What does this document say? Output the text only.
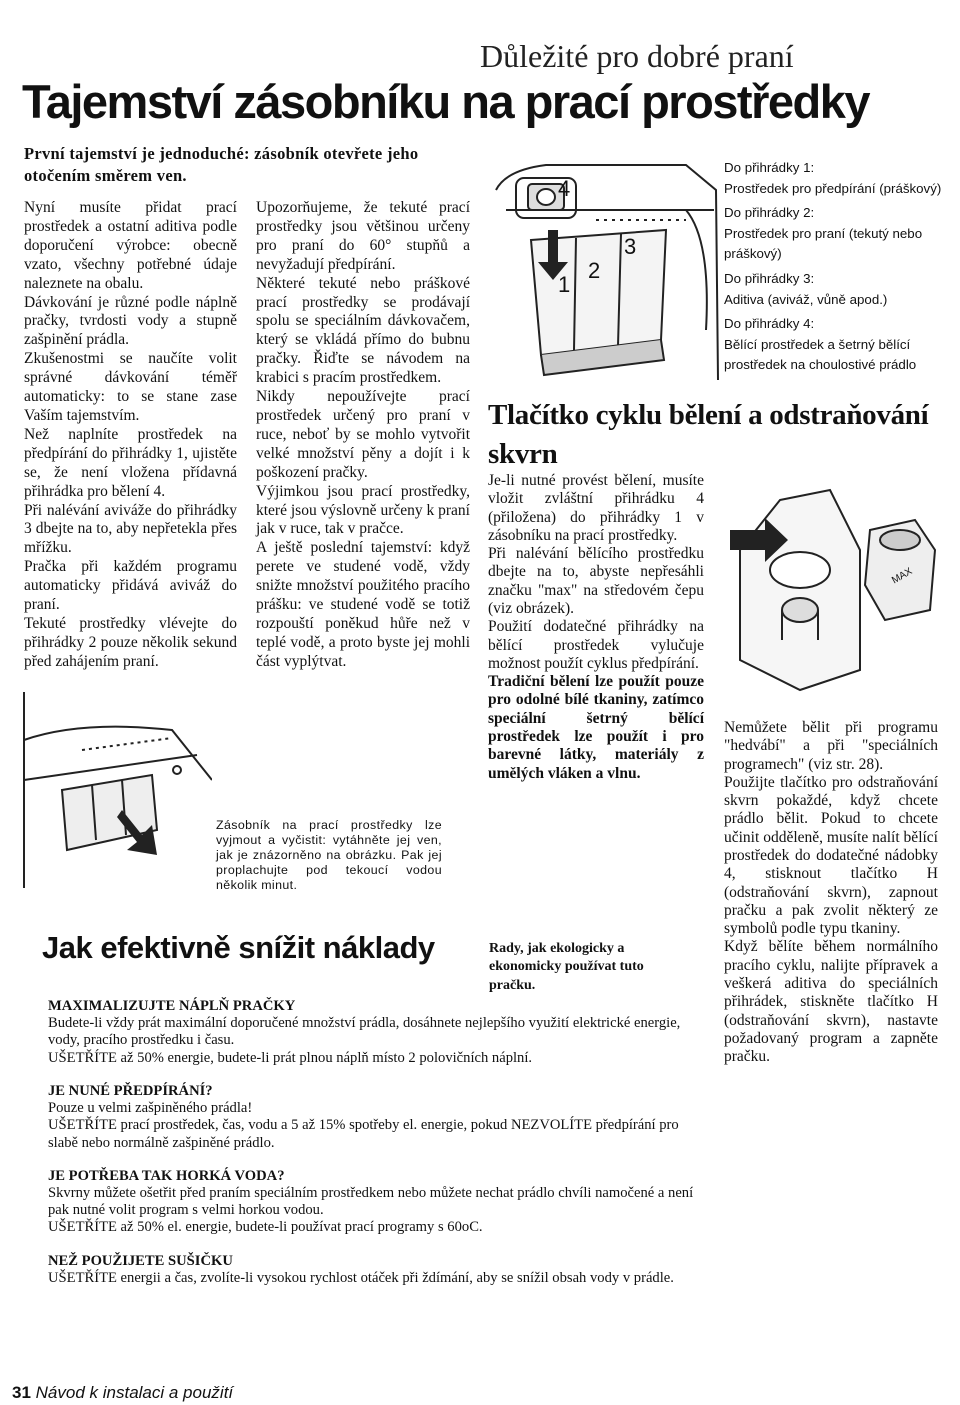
Důležité pro dobré praní
Tajemství zásobníku na prací prostředky
První tajemství je jednoduché: zásobník otevřete jeho otočením směrem ven.

Nyní musíte přidat prací prostředek a ostatní aditiva podle doporučení výrobce: obecně vzato, všechny potřebné údaje naleznete na obalu.

Dávkování je různé podle náplně pračky, tvrdosti vody a stupně zašpinění prádla.

Zkušenostmi se naučíte volit správné dávkování téměř automaticky: to se stane zase Vaším tajemstvím.

Než naplníte prostředek na předpírání do přihrádky 1, ujistěte se, že není vložena přídavná přihrádka pro bělení 4.

Při nalévání aviváže do přihrádky 3 dbejte na to, aby nepřetekla přes mřížku.

Pračka při každém programu automaticky přidává aviváž do praní.

Tekuté prostředky vlévejte do přihrádky 2 pouze několik sekund před zahájením praní.

Upozorňujeme, že tekuté prací prostředky jsou většinou určeny pro praní do 60° stupňů a nevyžadují předpírání.

Některé tekuté nebo práškové prací prostředky se prodávají spolu se speciálním dávkovačem, který se vkládá přímo do bubnu pračky. Řiďte se návodem na krabici s pracím prostředkem.

Nikdy nepoužívejte prací prostředek určený pro praní v ruce, neboť by se mohlo vytvořit velké množství pěny a dojít i k poškození pračky.

Výjimkou jsou prací prostředky, které jsou výslovně určeny k praní jak v ruce, tak v pračce.

A ještě poslední tajemství: když perete ve studené vodě, vždy snižte množství použitého pracího prášku: ve studené vodě se totiž rozpouští poněkud hůře než v teplé vodě, a proto byste jej mohli část vyplýtvat.

4
1
2
3
Do přihrádky 1:
Prostředek pro předpírání (práškový)
Do přihrádky 2:
Prostředek pro praní (tekutý nebo práškový)
Do přihrádky 3:
Aditiva (aviváž, vůně apod.)
Do přihrádky 4:
Bělící prostředek a šetrný bělící prostředek na choulostivé prádlo
Tlačítko cyklu bělení a odstraňování skvrn

Je-li nutné provést bělení, musíte vložit zvláštní přihrádku 4 (přiložena) do přihrádky 1 v zásobníku na prací prostředky.

Při nalévání bělícího prostředku dbejte na to, abyste nepřesáhli značku "max" na středovém čepu (viz obrázek).

Použití dodatečné přihrádky na bělící prostředek vylučuje možnost použít cyklus předpírání.

Tradiční bělení lze použít pouze pro odolné bílé tkaniny, zatímco speciální šetrný bělící prostředek lze použít i pro barevné látky, materiály z umělých vláken a vlnu.

MAX

Nemůžete bělit při programu "hedvábí" a při "speciálních programech" (viz str. 28).

Použijte tlačítko pro odstraňování skvrn pokaždé, když chcete prádlo bělit. Pokud to chcete učinit odděleně, musíte nalít bělící prostředek do dodatečné nádobky 4, stisknout tlačítko H (odstraňování skvrn), zapnout pračku a pak zvolit některý ze symbolů podle typu tkaniny.

Když bělíte během normálního pracího cyklu, nalijte přípravek a veškerá aditiva do speciálních přihrádek, stiskněte tlačítko H (odstraňování skvrn), nastavte požadovaný program a zapněte pračku.

Zásobník na prací prostředky lze vyjmout a vyčistit: vytáhněte jej ven, jak je znázorněno na obrázku. Pak jej proplachujte pod tekoucí vodou několik minut.
Jak efektivně snížit náklady	Rady, jak ekologicky a ekonomicky používat tuto pračku.
MAXIMALIZUJTE NÁPLŇ PRAČKY
Budete-li vždy prát maximální doporučené množství prádla, dosáhnete nejlepšího využití elektrické energie, vody, pracího prostředku i času.
UŠETŘÍTE až 50% energie, budete-li prát plnou náplň místo 2 polovičních náplní.
JE NUNÉ PŘEDPÍRÁNÍ?
Pouze u velmi zašpiněného prádla!
UŠETŘÍTE prací prostředek, čas, vodu a 5 až 15% spotřeby el. energie, pokud NEZVOLÍTE předpírání pro slabě nebo normálně zašpiněné prádlo.
JE POTŘEBA TAK HORKÁ VODA?
Skvrny můžete ošetřit před praním speciálním prostředkem nebo můžete nechat prádlo chvíli namočené a není pak nutné volit program s velmi horkou vodou.
UŠETŘÍTE až 50% el. energie, budete-li používat prací programy s 60oC.
NEŽ POUŽIJETE SUŠIČKU
UŠETŘÍTE energii a čas, zvolíte-li vysokou rychlost otáček při ždímání, aby se snížil obsah vody v prádle.
31 Návod k instalaci a použití
